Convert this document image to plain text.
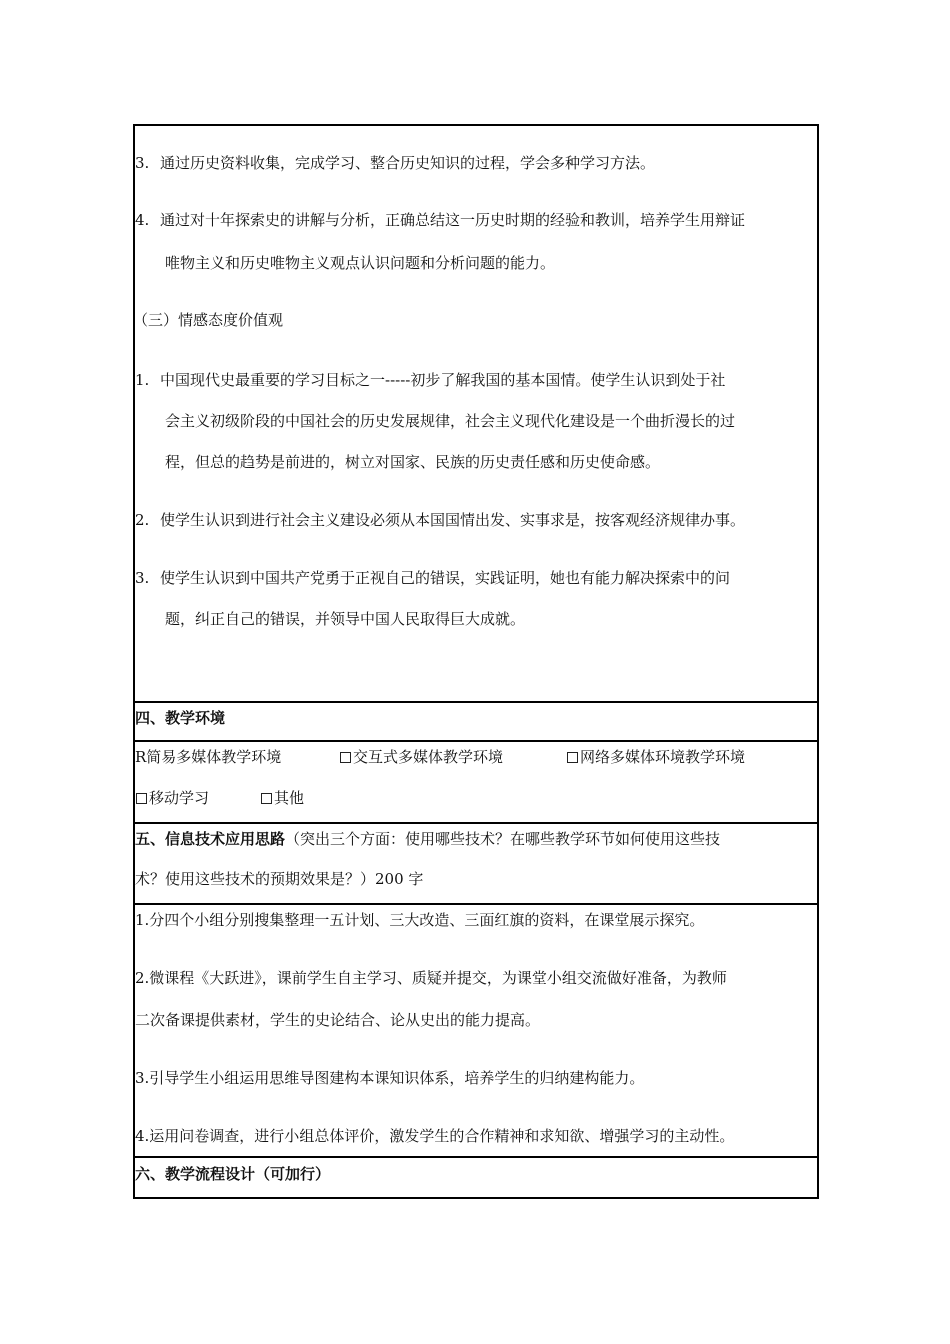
3. 通过历史资料收集，完成学习、整合历史知识的过程，学会多种学习方法。
4. 通过对十年探索史的讲解与分析，正确总结这一历史时期的经验和教训，培养学生用辩证
唯物主义和历史唯物主义观点认识问题和分析问题的能力。
（三）情感态度价值观
1. 中国现代史最重要的学习目标之一-----初步了解我国的基本国情。使学生认识到处于社
会主义初级阶段的中国社会的历史发展规律，社会主义现代化建设是一个曲折漫长的过
程，但总的趋势是前进的，树立对国家、民族的历史责任感和历史使命感。
2. 使学生认识到进行社会主义建设必须从本国国情出发、实事求是，按客观经济规律办事。
3. 使学生认识到中国共产党勇于正视自己的错误，实践证明，她也有能力解决探索中的问
题，纠正自己的错误，并领导中国人民取得巨大成就。
四、教学环境
R简易多媒体教学环境	交互式多媒体教学环境	网络多媒体环境教学环境
移动学习	其他
五、信息技术应用思路（突出三个方面：使用哪些技术？在哪些教学环节如何使用这些技
术？使用这些技术的预期效果是？）200 字
1.分四个小组分别搜集整理一五计划、三大改造、三面红旗的资料，在课堂展示探究。
2.微课程《大跃进》，课前学生自主学习、质疑并提交，为课堂小组交流做好准备，为教师
二次备课提供素材，学生的史论结合、论从史出的能力提高。
3.引导学生小组运用思维导图建构本课知识体系，培养学生的归纳建构能力。
4.运用问卷调查，进行小组总体评价，激发学生的合作精神和求知欲、增强学习的主动性。
六、教学流程设计（可加行）
